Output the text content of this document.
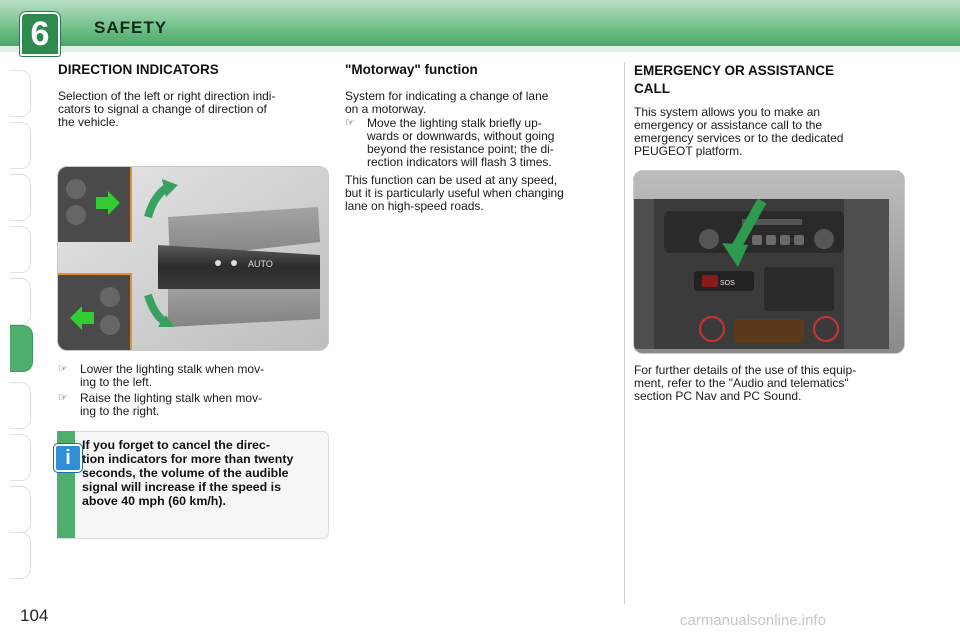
6	SAFETY
DIRECTION INDICATORS
Selection of the left or right direction indi-
cators to signal a change of direction of
the vehicle.
AUTO
☞	Lower the lighting stalk when mov-
ing to the left.
☞	Raise the lighting stalk when mov-
ing to the right.
i
If you forget to cancel the direc-
tion indicators for more than twenty
seconds, the volume of the audible
signal will increase if the speed is
above 40 mph (60 km/h).
"Motorway" function
System for indicating a change of lane
on a motorway.
☞	Move the lighting stalk briefly up-
wards or downwards, without going
beyond the resistance point; the di-
rection indicators will flash 3 times.
This function can be used at any speed,
but it is particularly useful when changing
lane on high-speed roads.
EMERGENCY OR ASSISTANCE
CALL
This system allows you to make an
emergency or assistance call to the
emergency services or to the dedicated
PEUGEOT platform.
SOS
For further details of the use of this equip-
ment, refer to the "Audio and telematics"
section PC Nav and PC Sound.
104	carmanualsonline.info
